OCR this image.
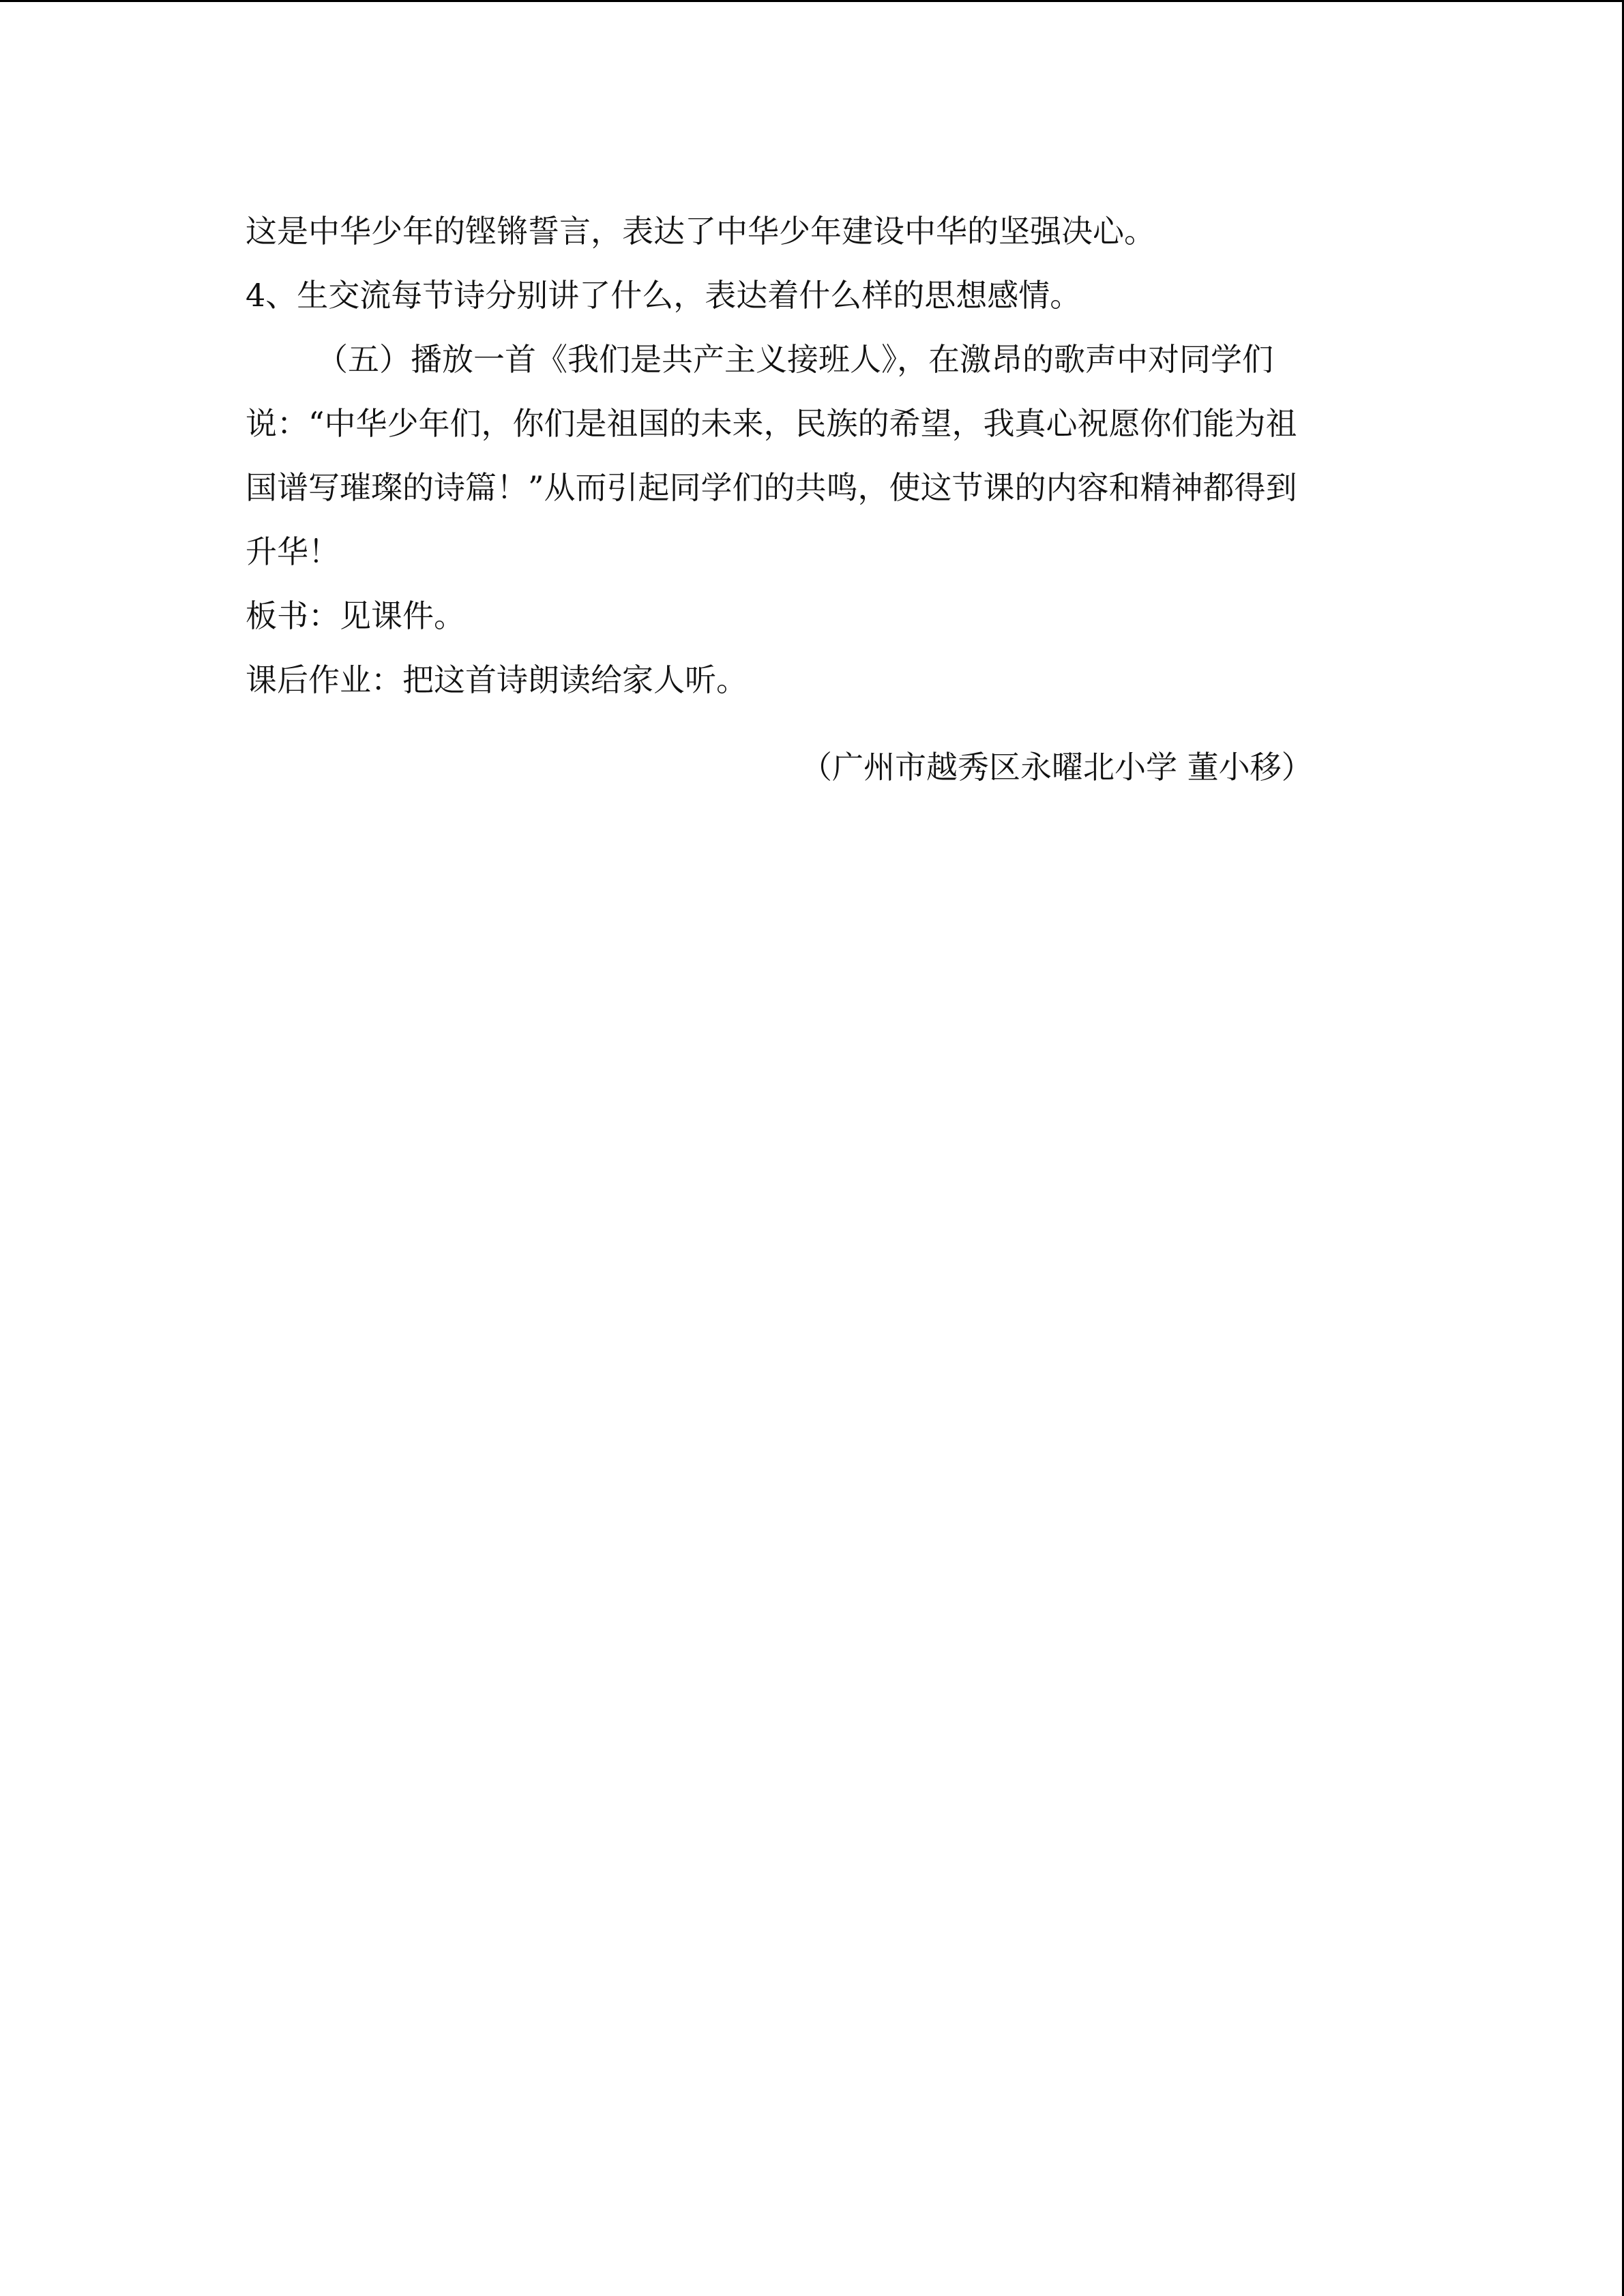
这是中华少年的铿锵誓言，表达了中华少年建设中华的坚强决心。

4、生交流每节诗分别讲了什么，表达着什么样的思想感情。

（五）播放一首《我们是共产主义接班人》，在激昂的歌声中对同学们

说：“中华少年们，你们是祖国的未来，民族的希望，我真心祝愿你们能为祖

国谱写璀璨的诗篇！”从而引起同学们的共鸣，使这节课的内容和精神都得到

升华！

板书：见课件。

课后作业：把这首诗朗读给家人听。

（广州市越秀区永曜北小学 董小移）
